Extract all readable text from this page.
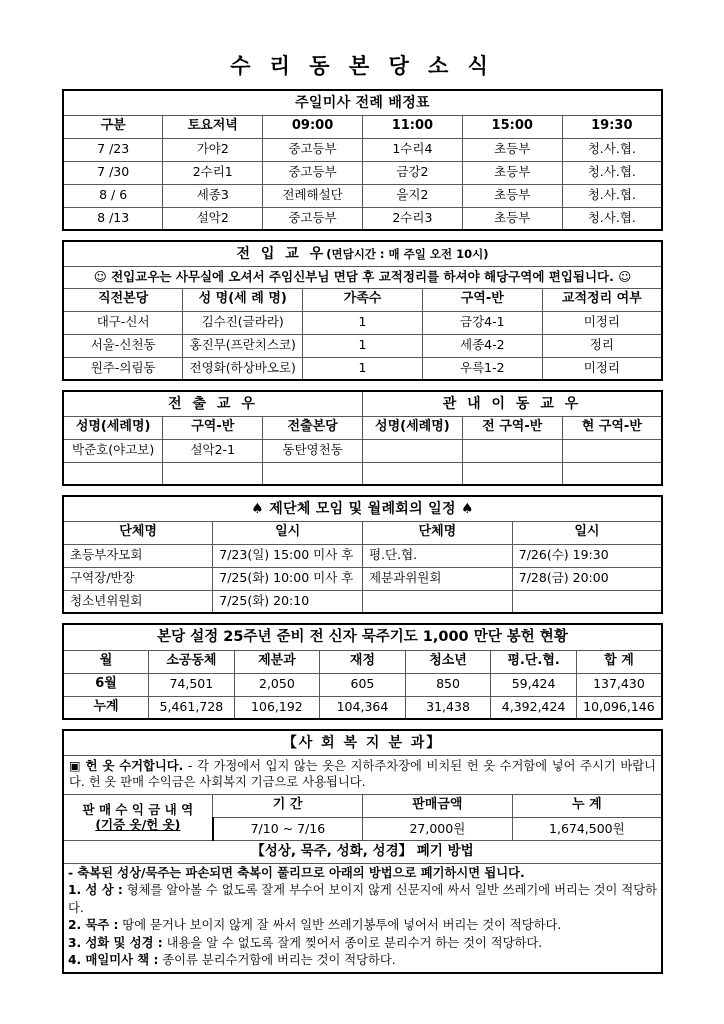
수 리 동 본 당 소 식
주일미사 전례 배정표					
구분	토요저녁	09:00	11:00	15:00	19:30
7 /23	가야2	중고등부	1수리4	초등부	청.사.협.
7 /30	2수리1	중고등부	금강2	초등부	청.사.협.
8 / 6	세종3	전례해설단	을지2	초등부	청.사.협.
8 /13	설악2	중고등부	2수리3	초등부	청.사.협.
전 입 교 우(면담시간 : 매 주일 오전 10시)				
☺ 전입교우는 사무실에 오셔서 주임신부님 면담 후 교적정리를 하셔야 해당구역에 편입됩니다. ☺				
직전본당	성 명(세 례 명)	가족수	구역-반	교적정리 여부
대구-신서	김수진(글라라)	1	금강4-1	미정리
서울-신천동	홍진무(프란치스코)	1	세종4-2	정리
원주-의림동	전영화(하상바오로)	1	우륵1-2	미정리
전 출 교 우			관 내 이 동 교 우		
성명(세례명)	구역-반	전출본당	성명(세례명)	전 구역-반	현 구역-반
박준호(야고보)	설악2-1	동탄영천동			

♠ 제단체 모임 및 월례회의 일정 ♠			
단체명	일시	단체명	일시
초등부자모회	7/23(일) 15:00 미사 후	평.단.협.	7/26(수) 19:30
구역장/반장	7/25(화) 10:00 미사 후	제분과위원회	7/28(금) 20:00
청소년위원회	7/25(화) 20:10		
본당 설정 25주년 준비 전 신자 묵주기도 1,000 만단 봉헌 현황						
월	소공동체	제분과	재정	청소년	평.단.협.	합 계
6월	74,501	2,050	605	850	59,424	137,430
누계	5,461,728	106,192	104,364	31,438	4,392,424	10,096,146
【사 회 복 지 분 과】			
▣ 헌 옷 수거합니다. - 각 가정에서 입지 않는 옷은 지하주차장에 비치된 헌 옷 수거함에 넣어 주시기 바랍니다. 헌 옷 판매 수익금은 사회복지 기금으로 사용됩니다.			

판 매 수 익 금 내 역
(기증 옷/헌 옷)	기 간	판매금액	누 계
	7/10 ~ 7/16	27,000원	1,674,500원
【성상, 묵주, 성화, 성경】 폐기 방법			

- 축복된 성상/묵주는 파손되면 축복이 풀리므로 아래의 방법으로 폐기하시면 됩니다.
1. 성 상 : 형체를 알아볼 수 없도록 잘게 부수어 보이지 않게 신문지에 싸서 일반 쓰레기에 버리는 것이 적당하다.
2. 묵주 : 땅에 묻거나 보이지 않게 잘 싸서 일반 쓰레기봉투에 넣어서 버리는 것이 적당하다.
3. 성화 및 성경 : 내용을 알 수 없도록 잘게 찢어서 종이로 분리수거 하는 것이 적당하다.
4. 매일미사 책 : 종이류 분리수거함에 버리는 것이 적당하다.			
